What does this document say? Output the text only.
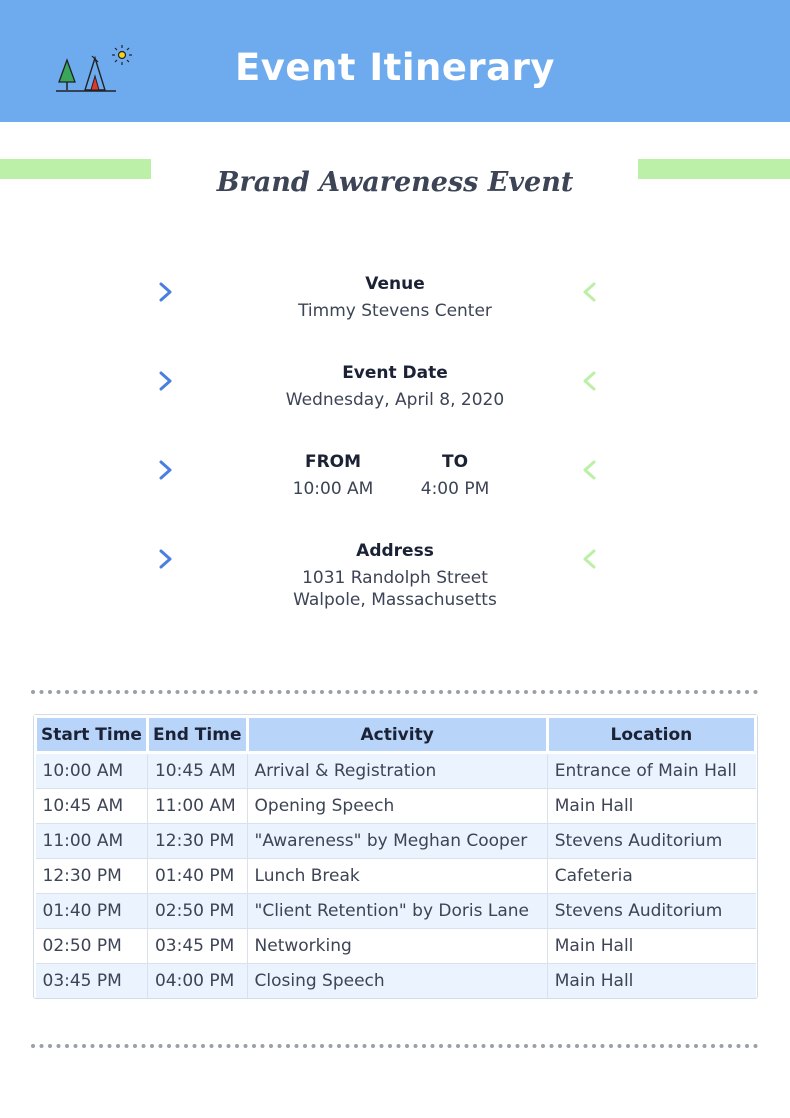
Event Itinerary
Brand Awareness Event
Venue
Timmy Stevens Center
Event Date
Wednesday, April 8, 2020
FROM
10:00 AM
TO
4:00 PM
Address
1031 Randolph Street
Walpole, Massachusetts
Start Time	End Time	Activity	Location
10:00 AM	10:45 AM	Arrival & Registration	Entrance of Main Hall
10:45 AM	11:00 AM	Opening Speech	Main Hall
11:00 AM	12:30 PM	"Awareness" by Meghan Cooper	Stevens Auditorium
12:30 PM	01:40 PM	Lunch Break	Cafeteria
01:40 PM	02:50 PM	"Client Retention" by Doris Lane	Stevens Auditorium
02:50 PM	03:45 PM	Networking	Main Hall
03:45 PM	04:00 PM	Closing Speech	Main Hall
